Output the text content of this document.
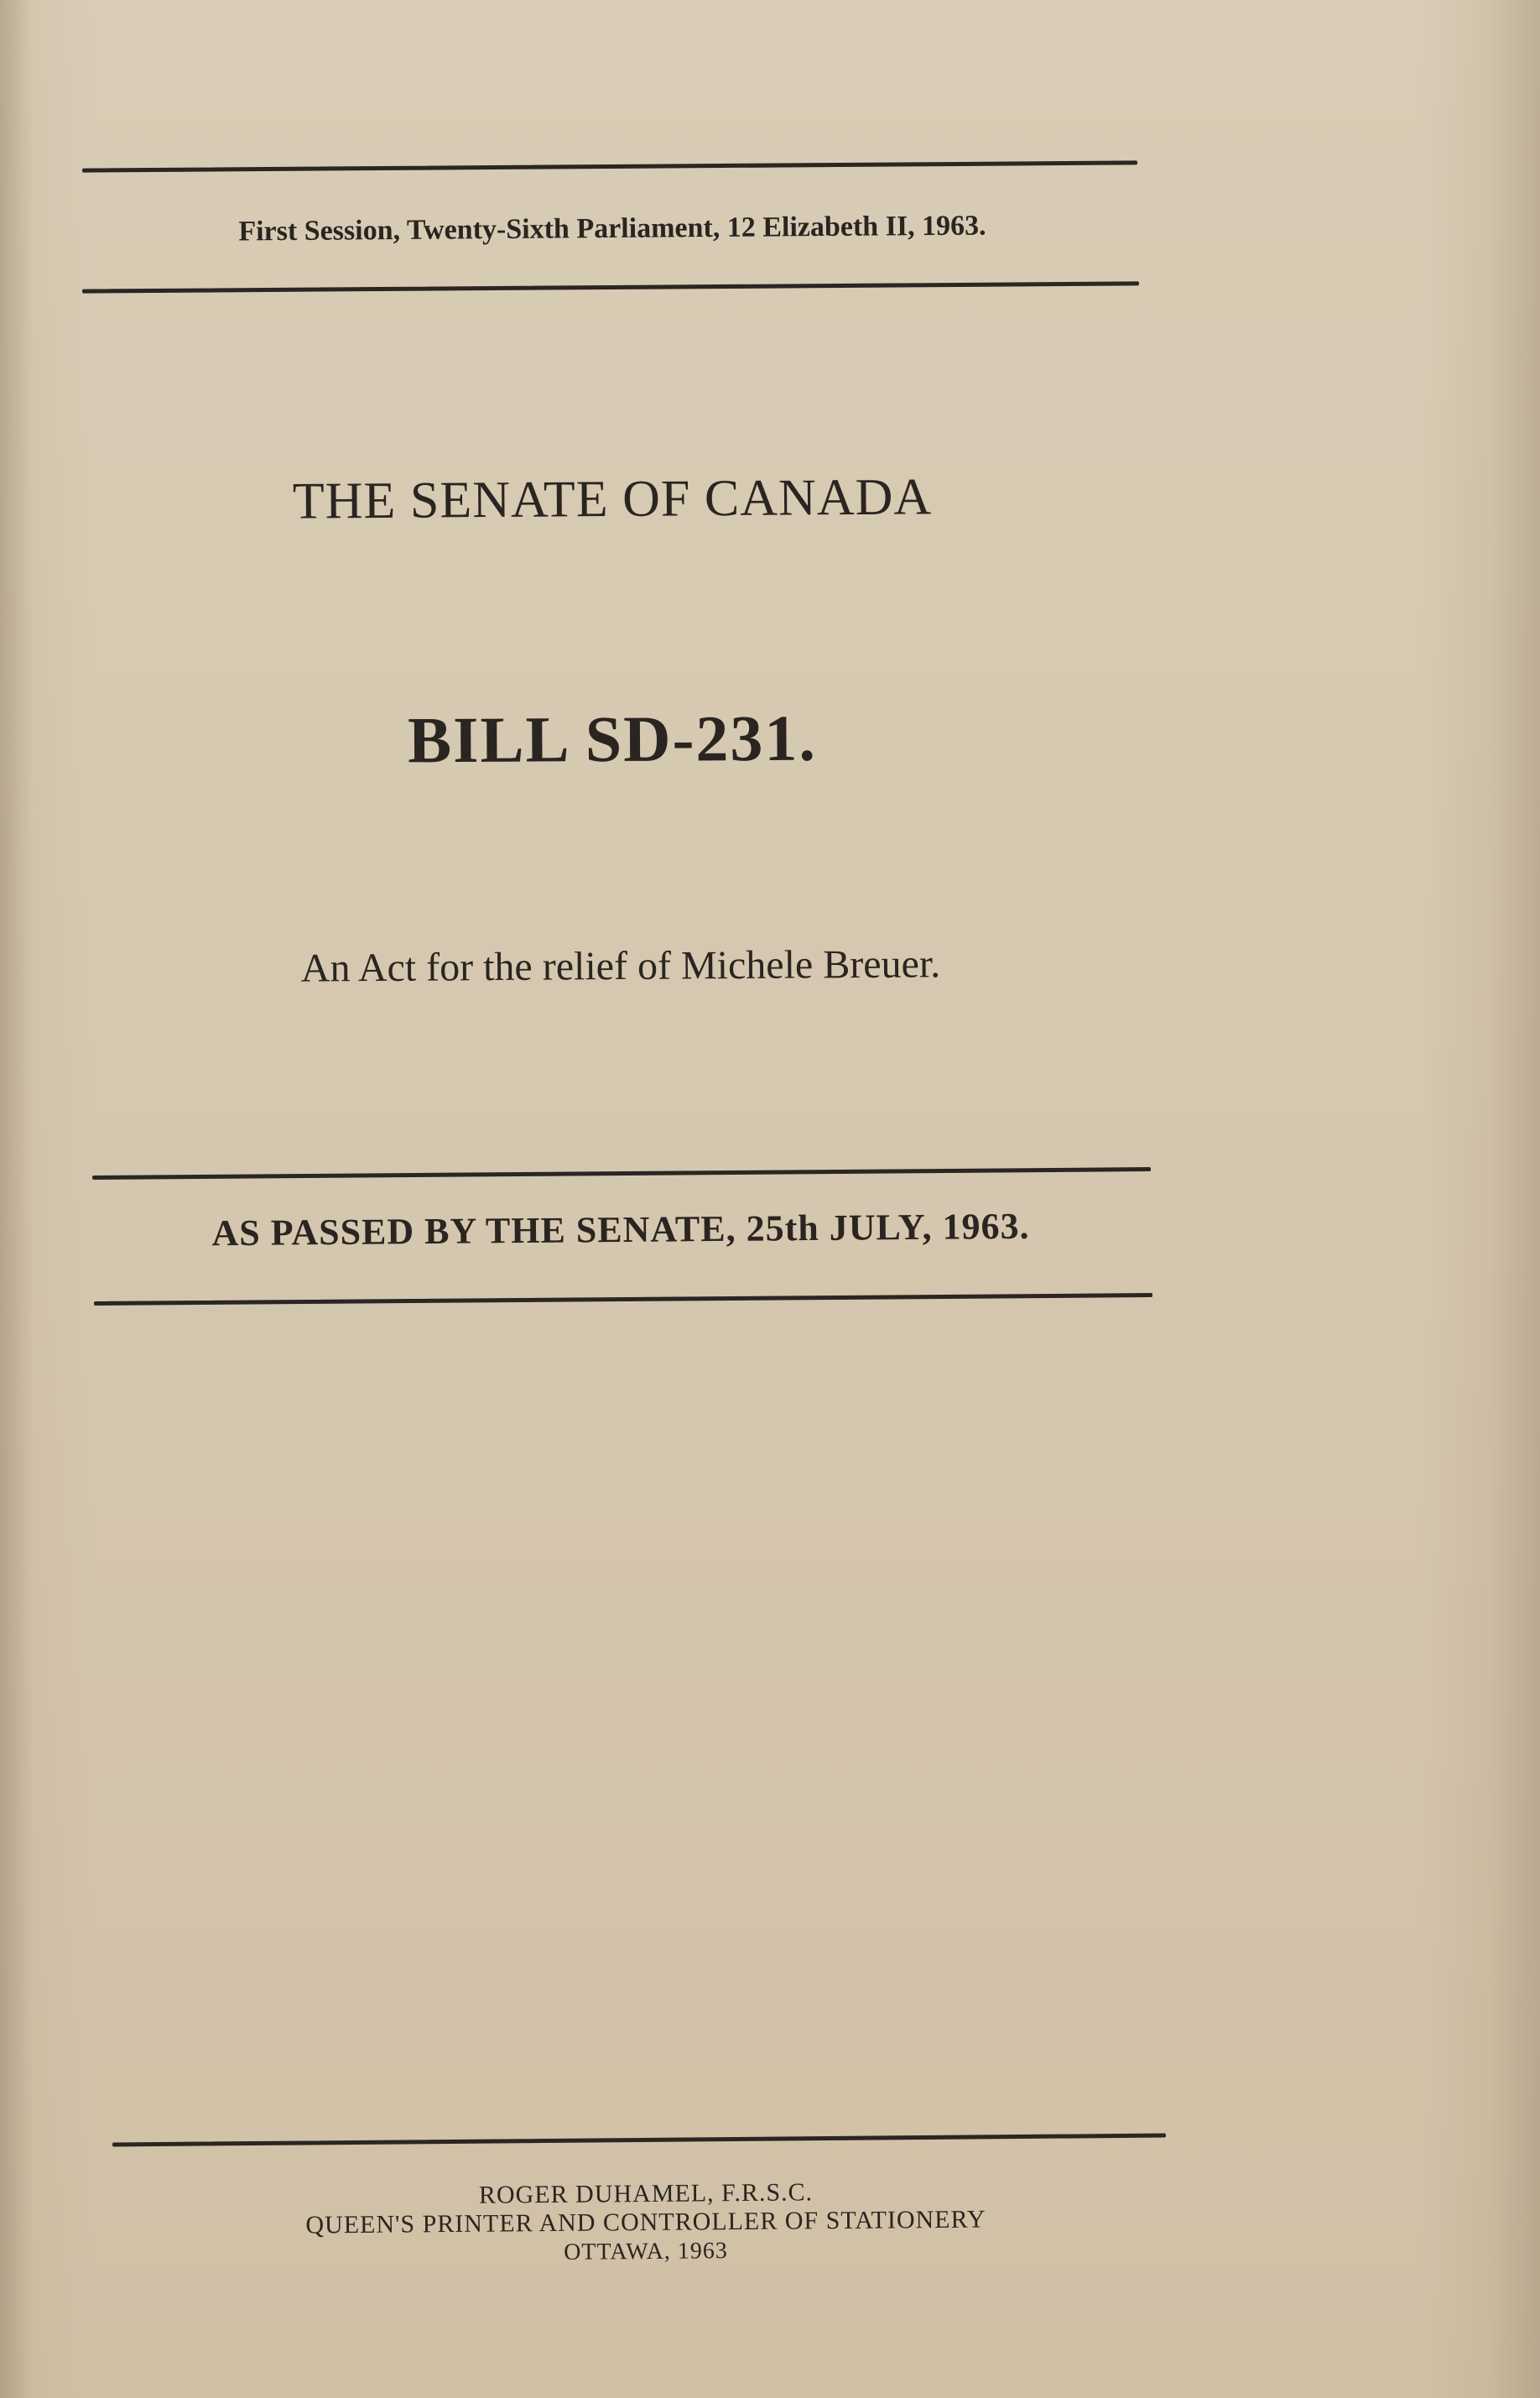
First Session, Twenty-Sixth Parliament, 12 Elizabeth II, 1963.
THE SENATE OF CANADA
BILL SD-231.
An Act for the relief of Michele Breuer.
AS PASSED BY THE SENATE, 25th JULY, 1963.
ROGER DUHAMEL, F.R.S.C.
QUEEN'S PRINTER AND CONTROLLER OF STATIONERY
OTTAWA, 1963
